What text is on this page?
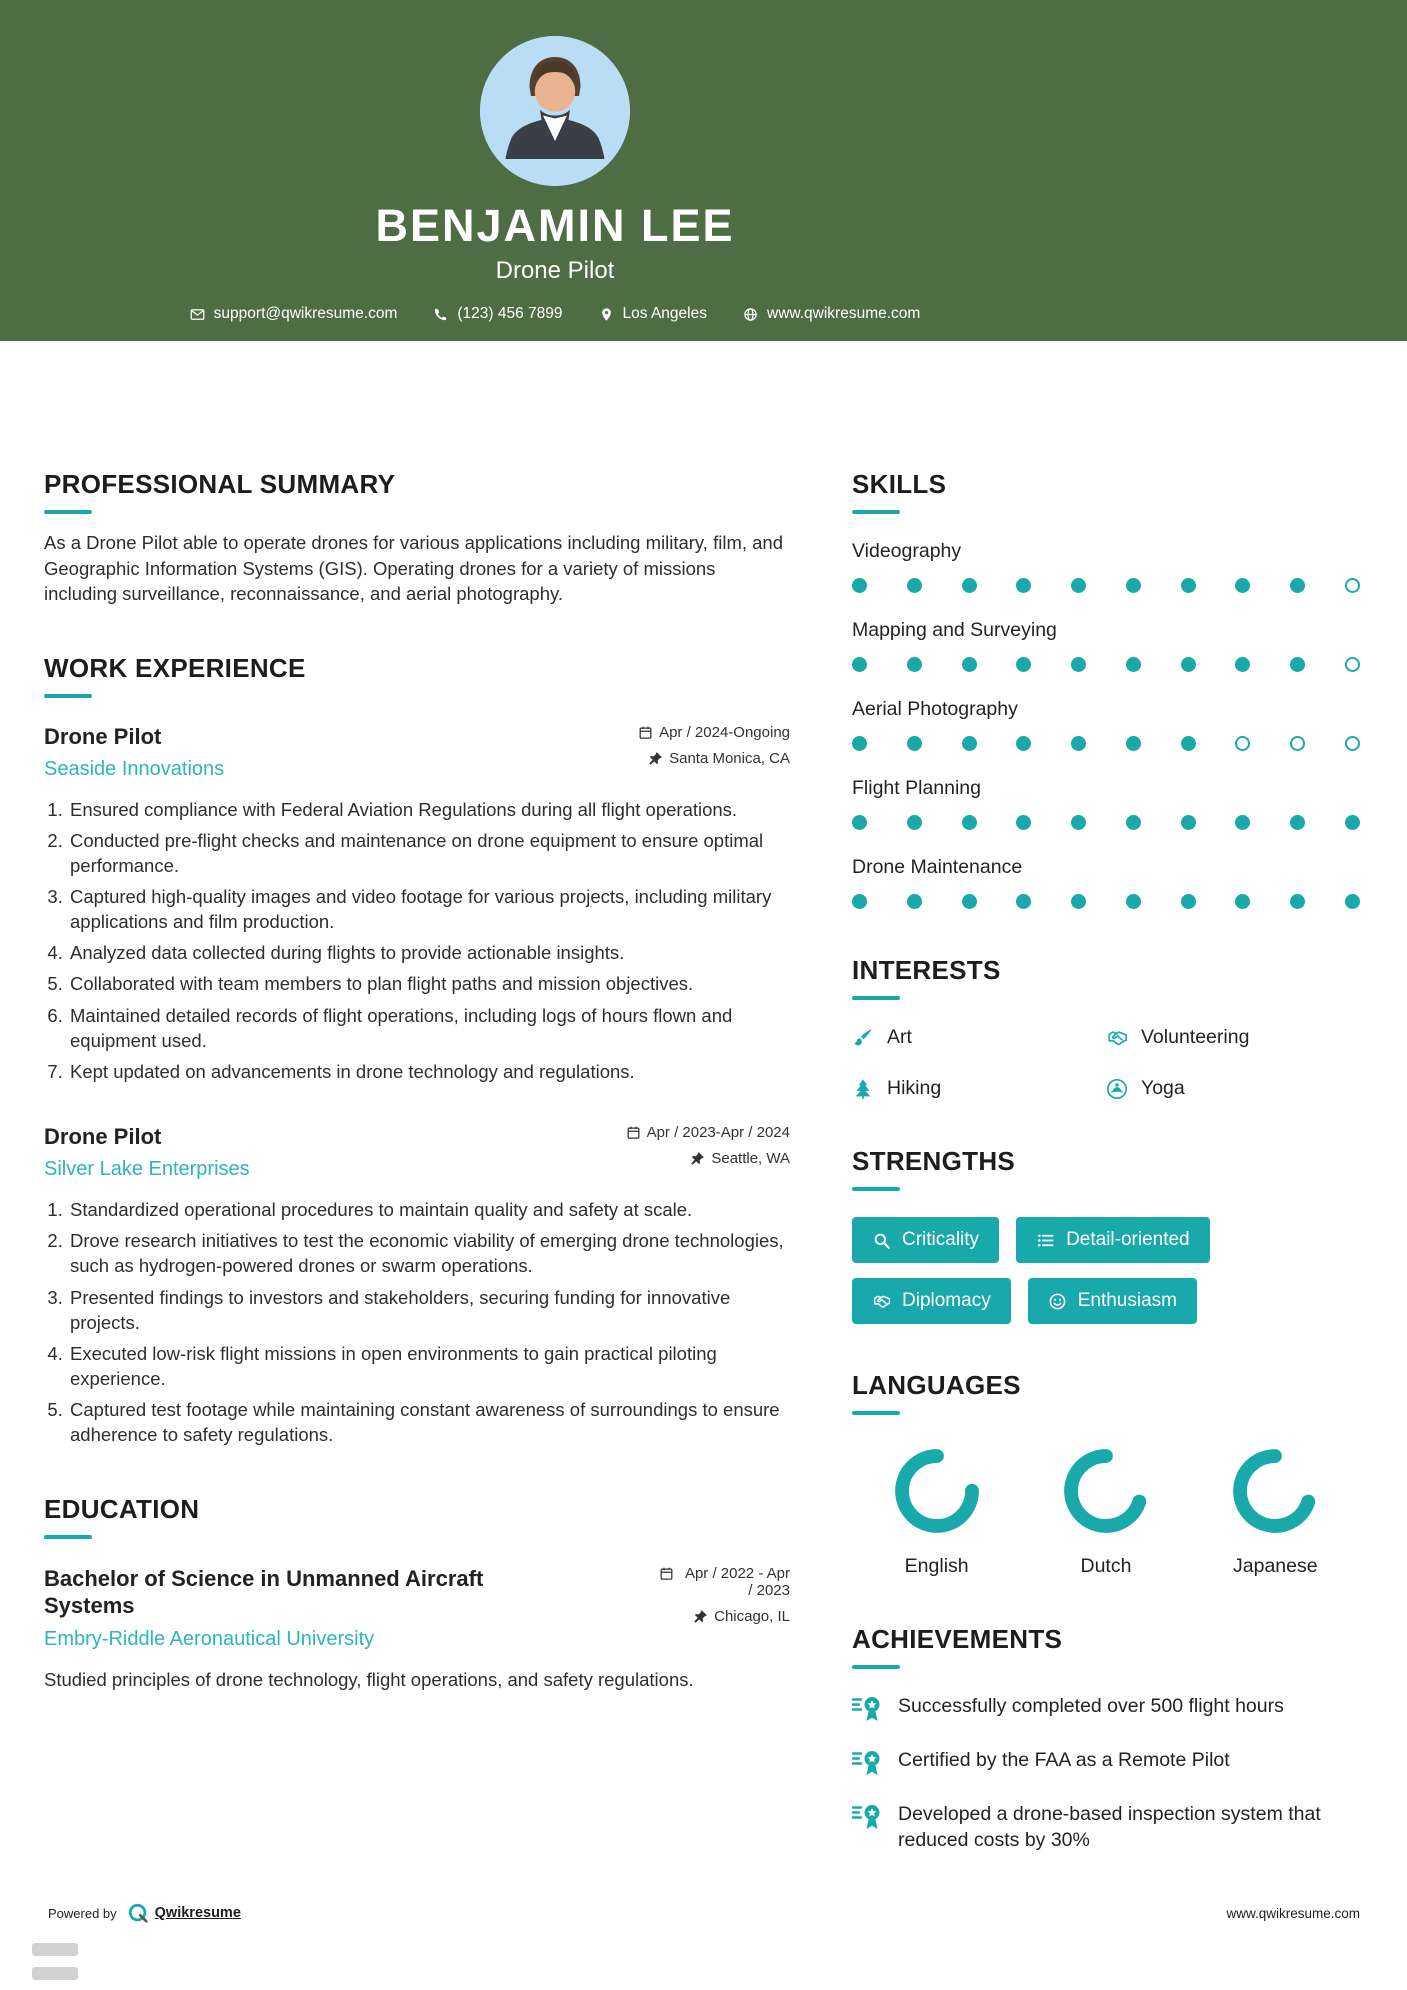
BENJAMIN LEE
Drone Pilot
support@qwikresume.com	(123) 456 7899	Los Angeles	www.qwikresume.com
PROFESSIONAL SUMMARY

As a Drone Pilot able to operate drones for various applications including military, film, and Geographic Information Systems (GIS). Operating drones for a variety of missions including surveillance, reconnaissance, and aerial photography.

WORK EXPERIENCE
Drone Pilot
Seaside Innovations
Apr / 2024-Ongoing
Santa Monica, CA
1. Ensured compliance with Federal Aviation Regulations during all flight operations.
2. Conducted pre-flight checks and maintenance on drone equipment to ensure optimal performance.
3. Captured high-quality images and video footage for various projects, including military applications and film production.
4. Analyzed data collected during flights to provide actionable insights.
5. Collaborated with team members to plan flight paths and mission objectives.
6. Maintained detailed records of flight operations, including logs of hours flown and equipment used.
7. Kept updated on advancements in drone technology and regulations.
Drone Pilot
Silver Lake Enterprises
Apr / 2023-Apr / 2024
Seattle, WA
1. Standardized operational procedures to maintain quality and safety at scale.
2. Drove research initiatives to test the economic viability of emerging drone technologies, such as hydrogen-powered drones or swarm operations.
3. Presented findings to investors and stakeholders, securing funding for innovative projects.
4. Executed low-risk flight missions in open environments to gain practical piloting experience.
5. Captured test footage while maintaining constant awareness of surroundings to ensure adherence to safety regulations.
EDUCATION
Bachelor of Science in Unmanned Aircraft Systems
Embry-Riddle Aeronautical University
Apr / 2022 - Apr / 2023
Chicago, IL

Studied principles of drone technology, flight operations, and safety regulations.

SKILLS
Videography
Mapping and Surveying
Aerial Photography
Flight Planning
Drone Maintenance
INTERESTS
Art	Volunteering
Hiking	Yoga
STRENGTHS
Criticality	Detail-oriented
Diplomacy	Enthusiasm
LANGUAGES
English	Dutch	Japanese
ACHIEVEMENTS
Successfully completed over 500 flight hours
Certified by the FAA as a Remote Pilot
Developed a drone-based inspection system that reduced costs by 30%
Powered by	Qwikresume	www.qwikresume.com
